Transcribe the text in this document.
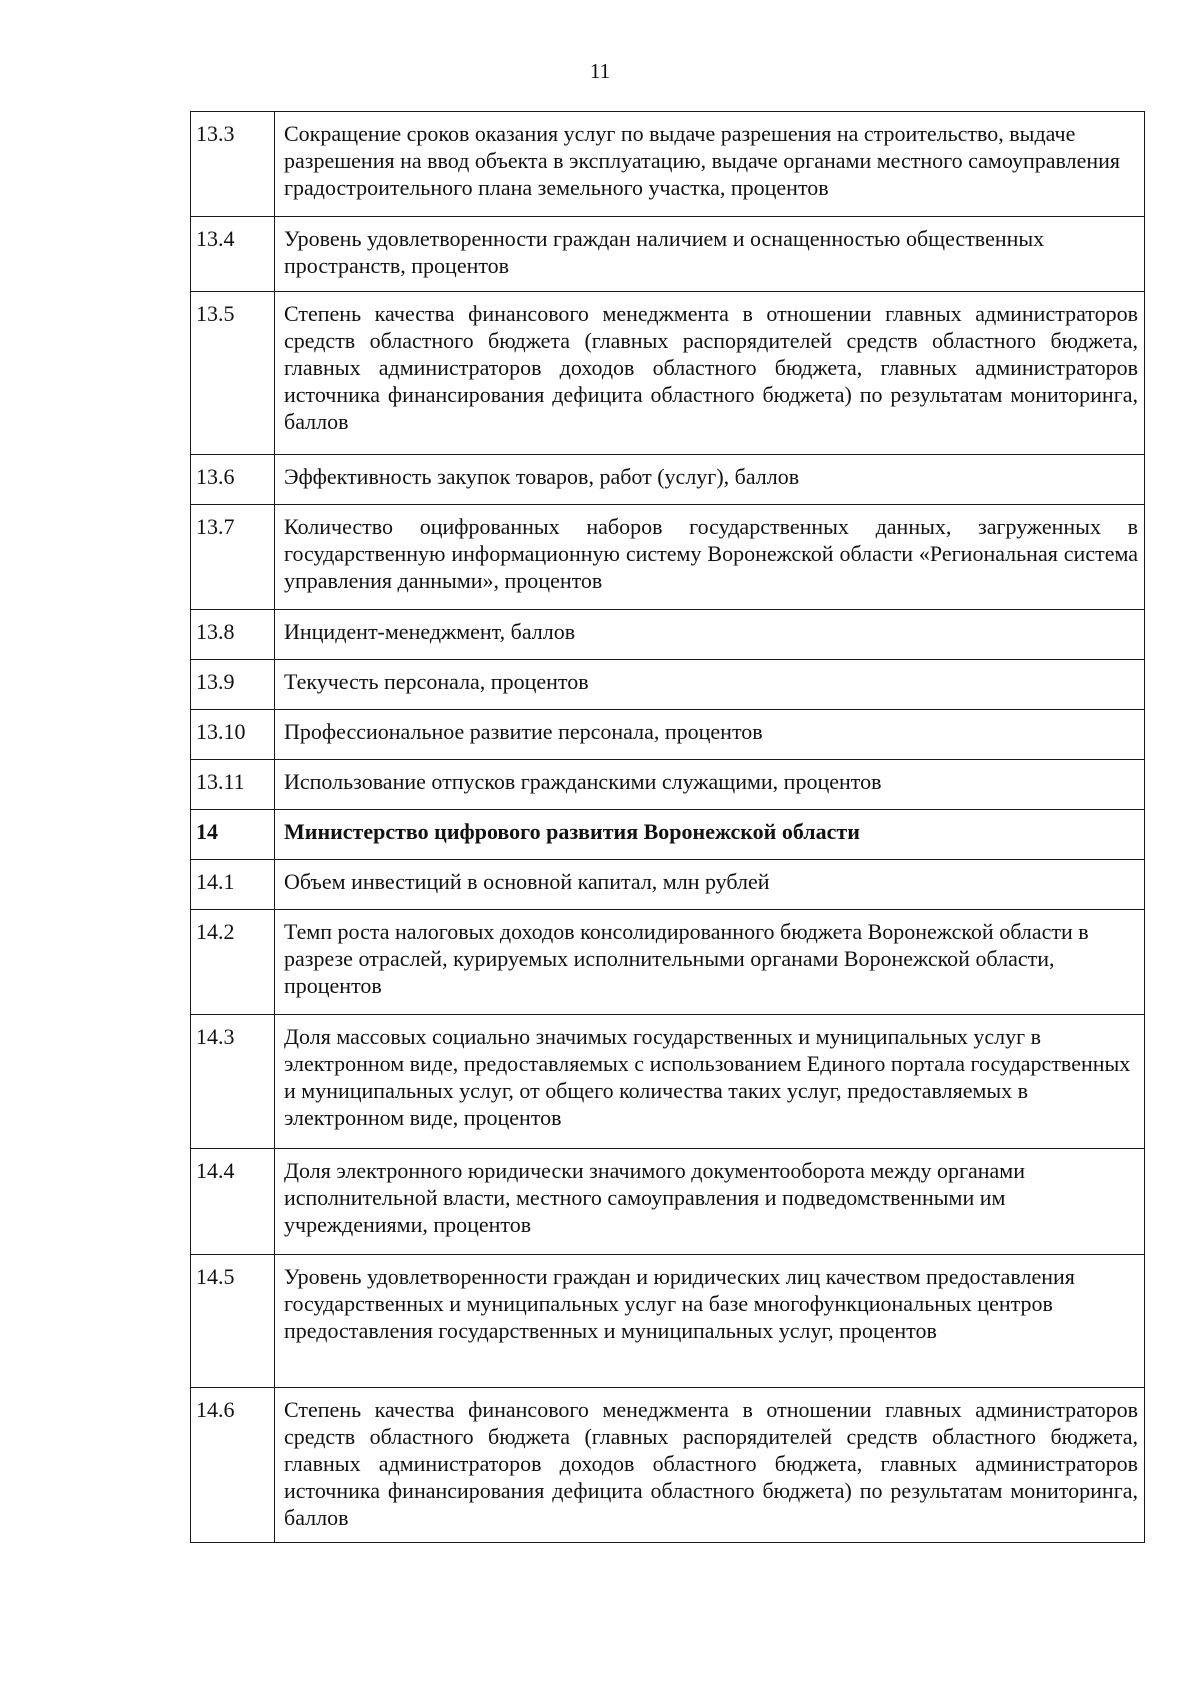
11
13.3	Сокращение сроков оказания услуг по выдаче разрешения на строительство, выдаче разрешения на ввод объекта в эксплуатацию, выдаче органами местного самоуправления градостроительного плана земельного участка, процентов
13.4	Уровень удовлетворенности граждан наличием и оснащенностью общественных пространств, процентов
13.5	Степень качества финансового менеджмента в отношении главных администраторов средств областного бюджета (главных распорядителей средств областного бюджета, главных администраторов доходов областного бюджета, главных администраторов источника финансирования дефицита областного бюджета) по результатам мониторинга, баллов
13.6	Эффективность закупок товаров, работ (услуг), баллов
13.7	Количество оцифрованных наборов государственных данных, загруженных в государственную информационную систему Воронежской области «Региональная система управления данными», процентов
13.8	Инцидент-менеджмент, баллов
13.9	Текучесть персонала, процентов
13.10	Профессиональное развитие персонала, процентов
13.11	Использование отпусков гражданскими служащими, процентов
14	Министерство цифрового развития Воронежской области
14.1	Объем инвестиций в основной капитал, млн рублей
14.2	Темп роста налоговых доходов консолидированного бюджета Воронежской области в разрезе отраслей, курируемых исполнительными органами Воронежской области, процентов
14.3	Доля массовых социально значимых государственных и муниципальных услуг в электронном виде, предоставляемых с использованием Единого портала государственных и муниципальных услуг, от общего количества таких услуг, предоставляемых в электронном виде, процентов
14.4	Доля электронного юридически значимого документооборота между органами исполнительной власти, местного самоуправления и подведомственными им учреждениями, процентов
14.5	Уровень удовлетворенности граждан и юридических лиц качеством предоставления государственных и муниципальных услуг на базе многофункциональных центров предоставления государственных и муниципальных услуг, процентов
14.6	Степень качества финансового менеджмента в отношении главных администраторов средств областного бюджета (главных распорядителей средств областного бюджета, главных администраторов доходов областного бюджета, главных администраторов источника финансирования дефицита областного бюджета) по результатам мониторинга, баллов
